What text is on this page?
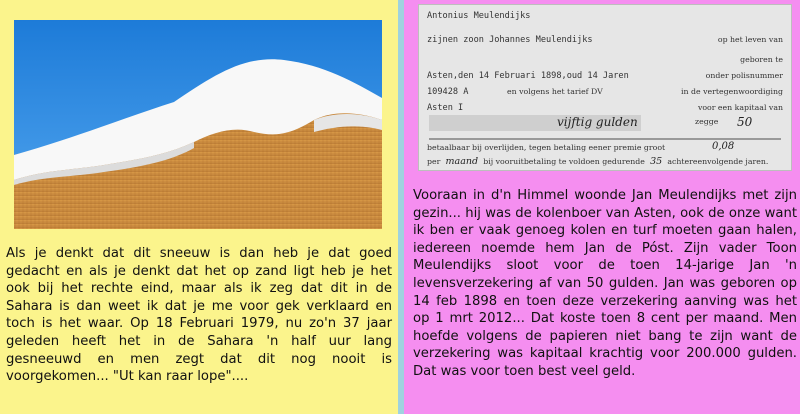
Als je denkt dat dit sneeuw is dan heb je dat goed gedacht en als je denkt dat het op zand ligt heb je het ook bij het rechte eind, maar als ik zeg dat dit in de Sahara is dan weet ik dat je me voor gek verklaard en toch is het waar. Op 18 Februari 1979, nu zo'n 37 jaar geleden heeft het in de Sahara 'n half uur lang gesneeuwd en men zegt dat dit nog nooit is voorgekomen... "Ut kan raar lope"....

Antonius Meulendijks
zijnen zoon Johannes Meulendijks	op het leven van
geboren te
Asten,den 14 Februari 1898,oud 14 Jaren	onder polisnummer
109428 A	en volgens het tarief DV	in de vertegenwoordiging
Asten I	voor een kapitaal van
vijftig gulden	zegge 50
betaalbaar bij overlijden, tegen betaling eener premie groot	0,08
per maand bij vooruitbetaling te voldoen gedurende 35 achtereenvolgende jaren.

Vooraan in d'n Himmel woonde Jan Meulendijks met zijn gezin... hij was de kolenboer van Asten, ook de onze want ik ben er vaak genoeg kolen en turf moeten gaan halen, iedereen noemde hem Jan de Póst. Zijn vader Toon Meulendijks sloot voor de toen 14-jarige Jan 'n levensverzekering af van 50 gulden. Jan was geboren op 14 feb 1898 en toen deze verzekering aanving was het op 1 mrt 2012... Dat koste toen 8 cent per maand. Men hoefde volgens de papieren niet bang te zijn want de verzekering was kapitaal krachtig voor 200.000 gulden. Dat was voor toen best veel geld.
